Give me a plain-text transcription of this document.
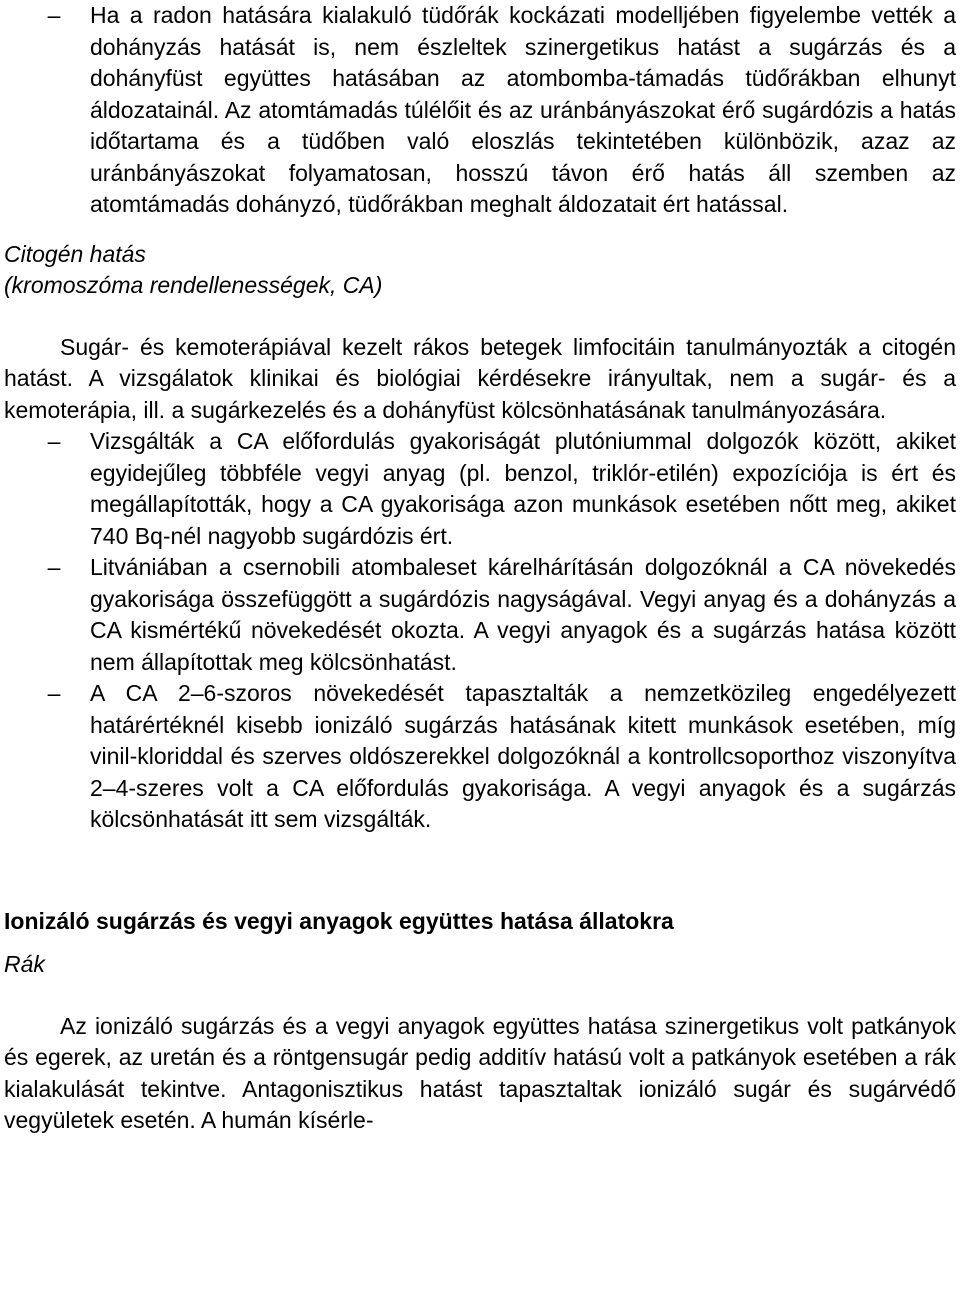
–	Ha a radon hatására kialakuló tüdőrák kockázati modelljében figyelembe vették a dohányzás hatását is, nem észleltek szinergetikus hatást a sugárzás és a dohányfüst együttes hatásában az atombomba-támadás tüdőrákban elhunyt áldozatainál. Az atomtámadás túlélőit és az uránbányászokat érő sugárdózis a hatás időtartama és a tüdőben való eloszlás tekintetében különbözik, azaz az uránbányászokat folyamatosan, hosszú távon érő hatás áll szemben az atomtámadás dohányzó, tüdőrákban meghalt áldozatait ért hatással.

Citogén hatás

(kromoszóma rendellenességek, CA)

Sugár- és kemoterápiával kezelt rákos betegek limfocitáin tanulmányozták a citogén hatást. A vizsgálatok klinikai és biológiai kérdésekre irányultak, nem a sugár- és a kemoterápia, ill. a sugárkezelés és a dohányfüst kölcsönhatásának tanulmányozására.

–	Vizsgálták a CA előfordulás gyakoriságát plutóniummal dolgozók között, akiket egyidejűleg többféle vegyi anyag (pl. benzol, triklór-etilén) expozíciója is ért és megállapították, hogy a CA gyakorisága azon munkások esetében nőtt meg, akiket 740 Bq-nél nagyobb sugárdózis ért.
–	Litvániában a csernobili atombaleset kárelhárításán dolgozóknál a CA növekedés gyakorisága összefüggött a sugárdózis nagyságával. Vegyi anyag és a dohányzás a CA kismértékű növekedését okozta. A vegyi anyagok és a sugárzás hatása között nem állapítottak meg kölcsönhatást.
–	A CA 2–6-szoros növekedését tapasztalták a nemzetközileg engedélyezett határértéknél kisebb ionizáló sugárzás hatásának kitett munkások esetében, míg vinil-kloriddal és szerves oldószerekkel dolgozóknál a kontrollcsoporthoz viszonyítva 2–4-szeres volt a CA előfordulás gyakorisága. A vegyi anyagok és a sugárzás kölcsönhatását itt sem vizsgálták.

Ionizáló sugárzás és vegyi anyagok együttes hatása állatokra

Rák

Az ionizáló sugárzás és a vegyi anyagok együttes hatása szinergetikus volt patkányok és egerek, az uretán és a röntgensugár pedig additív hatású volt a patkányok esetében a rák kialakulását tekintve. Antagonisztikus hatást tapasztaltak ionizáló sugár és sugárvédő vegyületek esetén. A humán kísérle-
